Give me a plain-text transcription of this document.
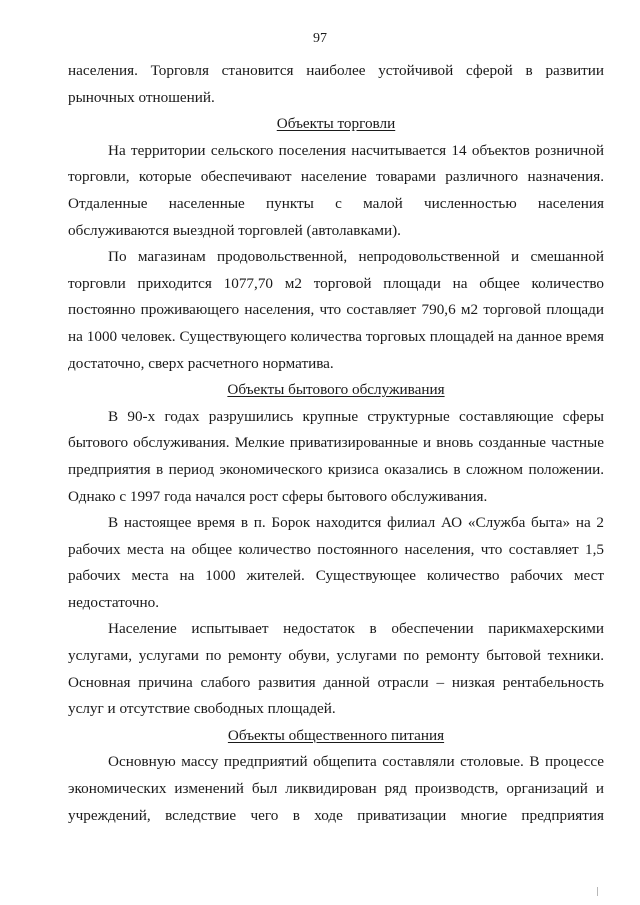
97

населения. Торговля становится наиболее устойчивой сферой в развитии рыночных отношений.

Объекты торговли

На территории сельского поселения насчитывается 14 объектов розничной торговли, которые обеспечивают население товарами различного назначения. Отдаленные населенные пункты с малой численностью населения обслуживаются выездной торговлей (автолавками).

По магазинам продовольственной, непродовольственной и смешанной торговли приходится 1077,70 м2 торговой площади на общее количество постоянно проживающего населения, что составляет 790,6 м2 торговой площади на 1000 человек. Существующего количества торговых площадей на данное время достаточно, сверх расчетного норматива.

Объекты бытового обслуживания

В 90-х годах разрушились крупные структурные составляющие сферы бытового обслуживания. Мелкие приватизированные и вновь созданные частные предприятия в период экономического кризиса оказались в сложном положении. Однако с 1997 года начался рост сферы бытового обслуживания.

В настоящее время в п. Борок находится филиал АО «Служба быта» на 2 рабочих места на общее количество постоянного населения, что составляет 1,5 рабочих места на 1000 жителей. Существующее количество рабочих мест недостаточно.

Население испытывает недостаток в обеспечении парикмахерскими услугами, услугами по ремонту обуви, услугами по ремонту бытовой техники. Основная причина слабого развития данной отрасли – низкая рентабельность услуг и отсутствие свободных площадей.

Объекты общественного питания

Основную массу предприятий общепита составляли столовые. В процессе экономических изменений был ликвидирован ряд производств, организаций и учреждений, вследствие чего в ходе приватизации многие предприятия
